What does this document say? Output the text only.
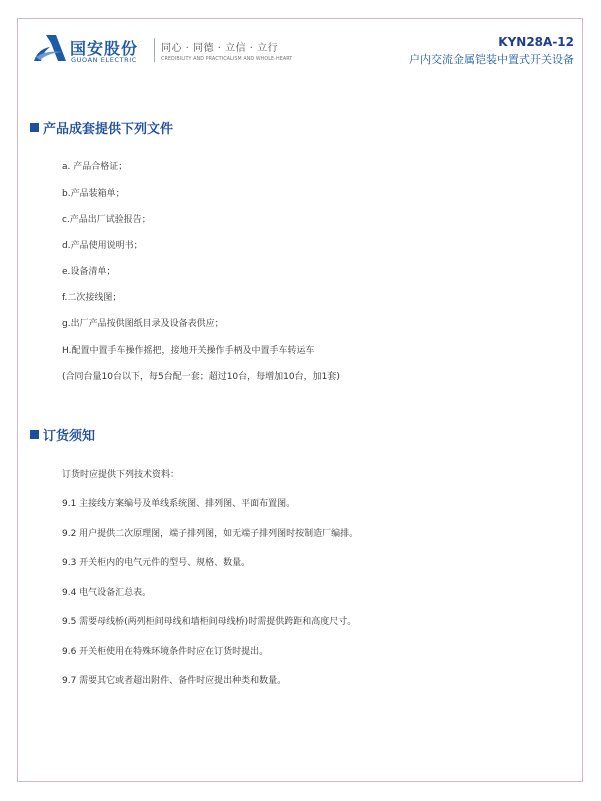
国安股份
GUOAN ELECTRIC
同心 · 同德 · 立信 · 立行
CREDIBILITY AND PRACTICALISM AND WHOLE-HEART
KYN28A-12
户内交流金属铠装中置式开关设备
产品成套提供下列文件
a. 产品合格证；
b.产品装箱单；
c.产品出厂试验报告；
d.产品使用说明书；
e.设备清单；
f.二次接线图；
g.出厂产品按供图纸目录及设备表供应；
H.配置中置手车操作摇把，接地开关操作手柄及中置手车转运车
(合同台量10台以下，每5台配一套；超过10台，每增加10台，加1套)
订货须知
订货时应提供下列技术资料：
9.1 主接线方案编号及单线系统图、排列图、平面布置图。
9.2 用户提供二次原理图，端子排列图，如无端子排列图时按制造厂编排。
9.3 开关柜内的电气元件的型号、规格、数量。
9.4 电气设备汇总表。
9.5 需要母线桥(两列柜间母线和墙柜间母线桥)时需提供跨距和高度尺寸。
9.6 开关柜使用在特殊环境条件时应在订货时提出。
9.7 需要其它或者超出附件、备件时应提出种类和数量。
